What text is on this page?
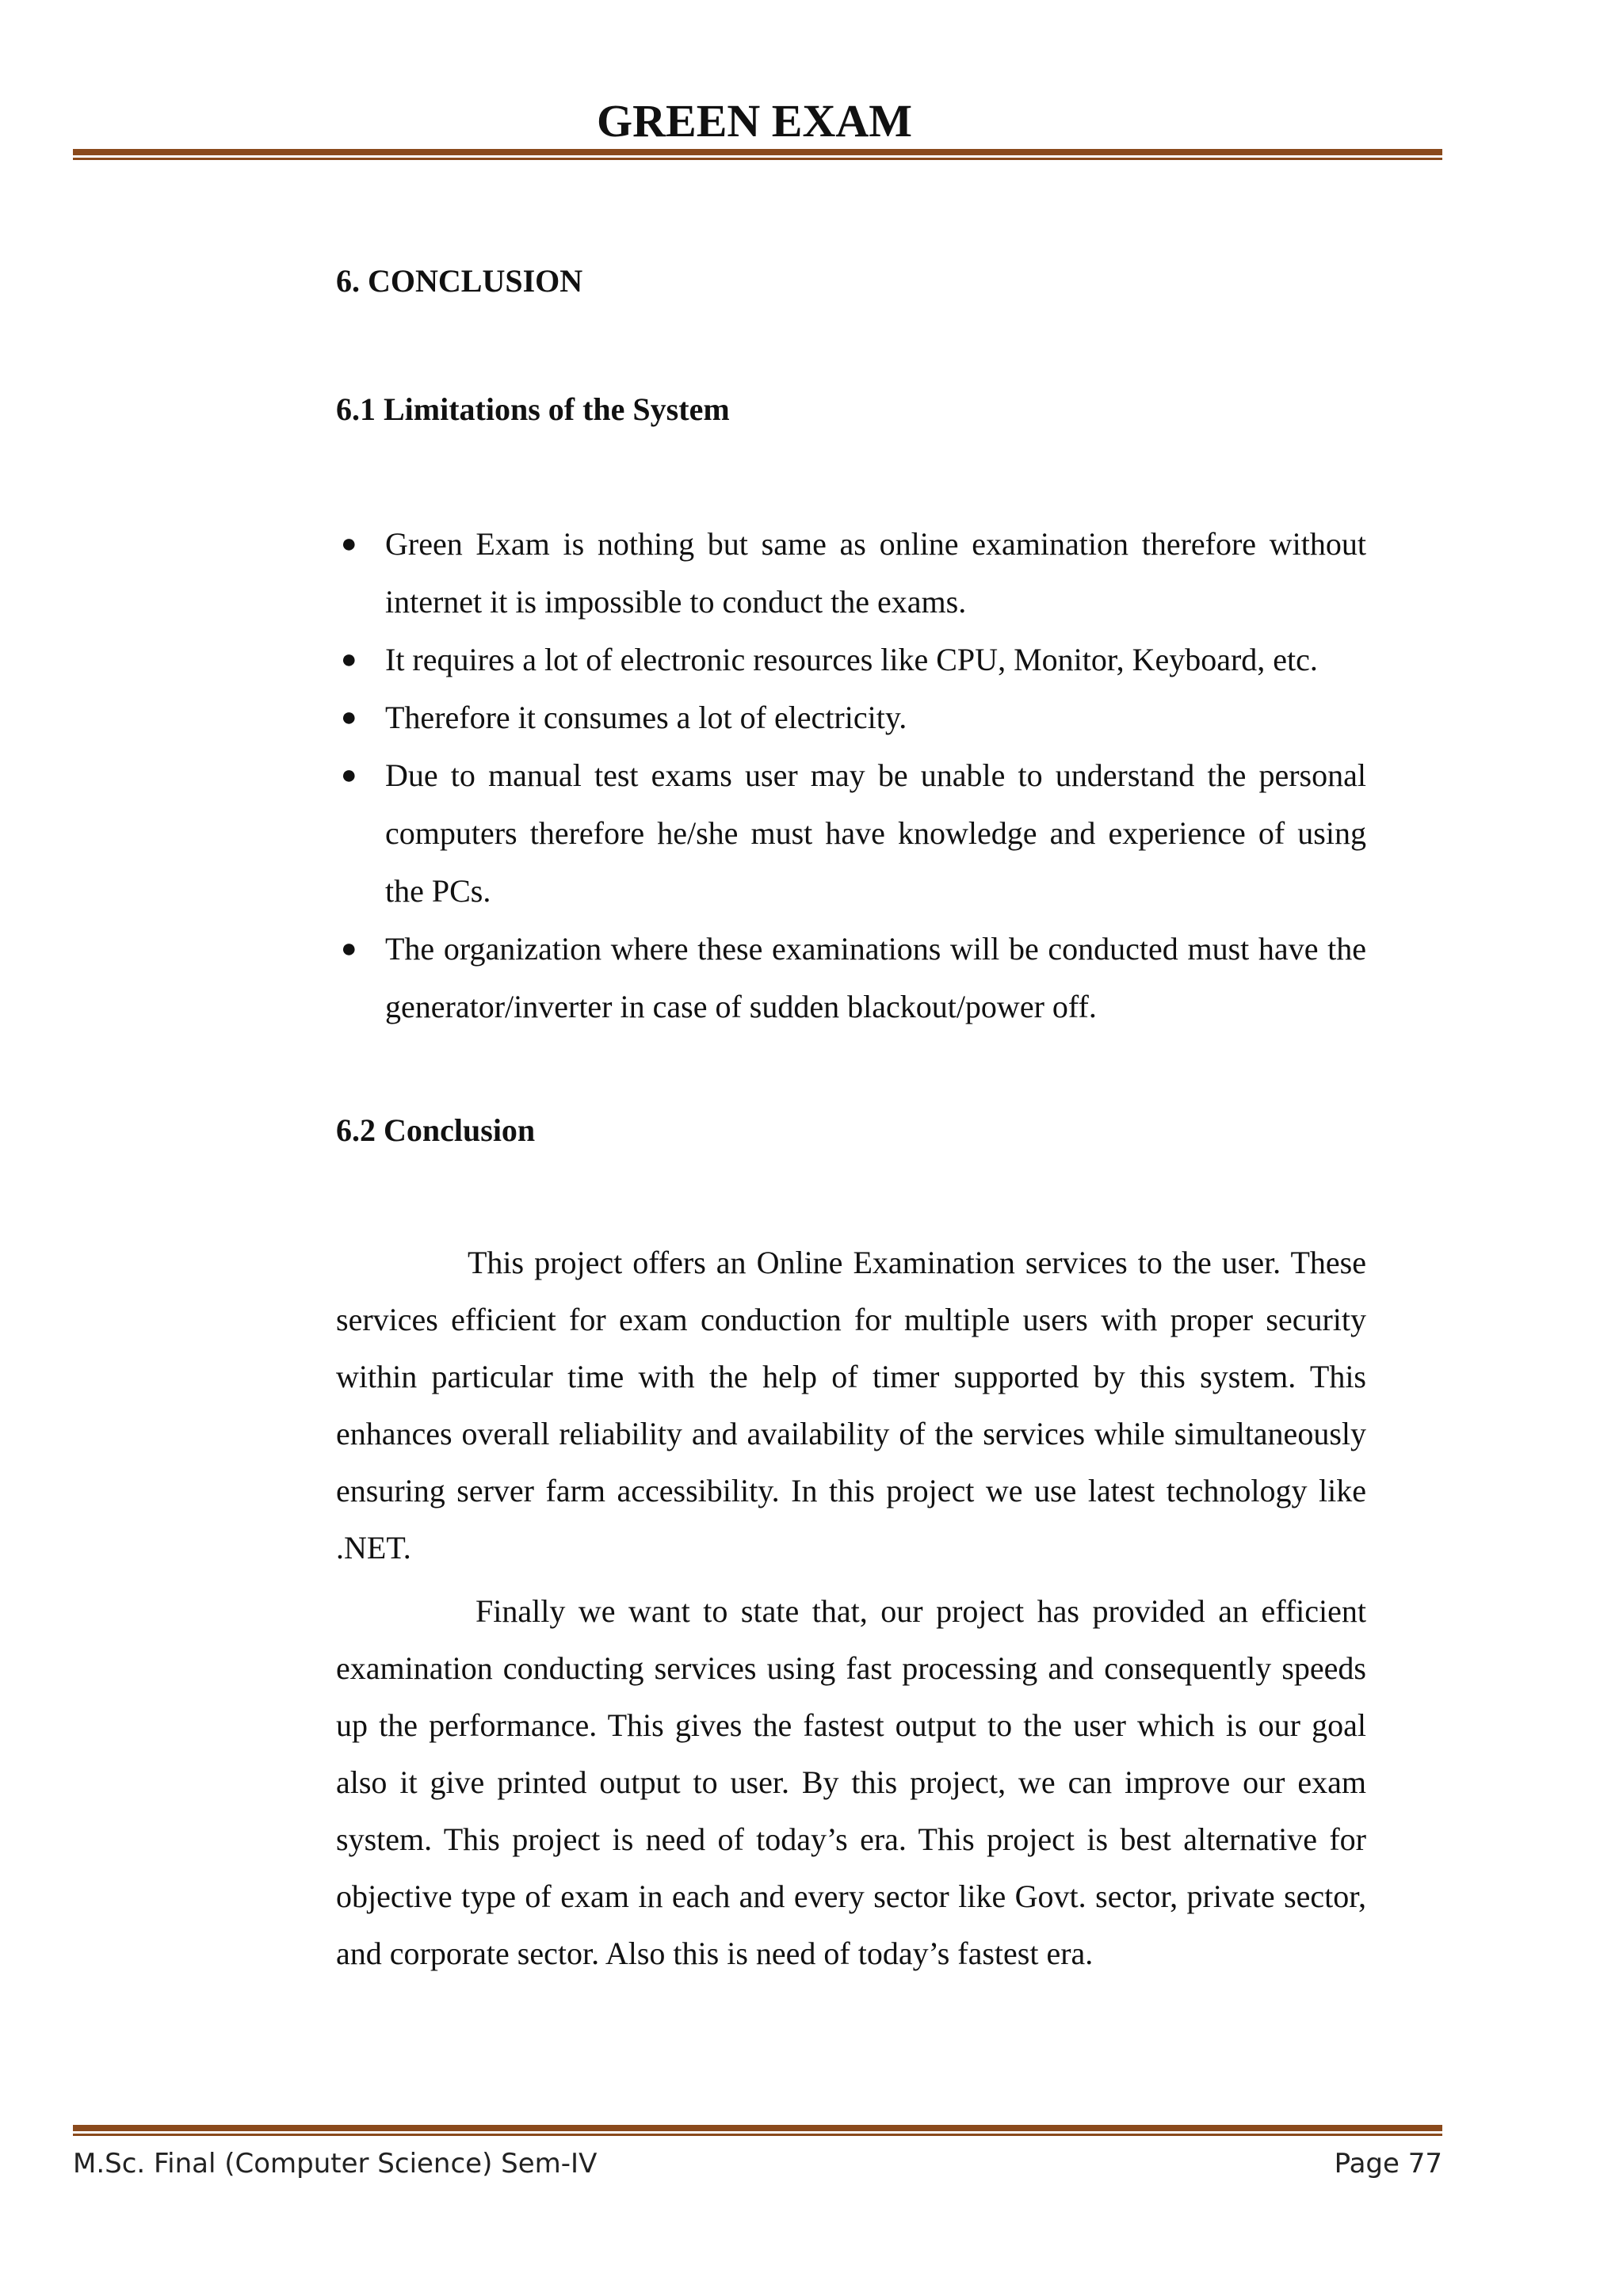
GREEN EXAM
6. CONCLUSION
6.1 Limitations of the System
● Green Exam is nothing but same as online examination therefore without internet it is impossible to conduct the exams.
● It requires a lot of electronic resources like CPU, Monitor, Keyboard, etc.
● Therefore it consumes a lot of electricity.
● Due to manual test exams user may be unable to understand the personal computers therefore he/she must have knowledge and experience of using the PCs.
● The organization where these examinations will be conducted must have the generator/inverter in case of sudden blackout/power off.
6.2 Conclusion

This project offers an Online Examination services to the user. These services efficient for exam conduction for multiple users with proper security within particular time with the help of timer supported by this system. This enhances overall reliability and availability of the services while simultaneously ensuring server farm accessibility. In this project we use latest technology like .NET.

Finally we want to state that, our project has provided an efficient examination conducting services using fast processing and consequently speeds up the performance. This gives the fastest output to the user which is our goal also it give printed output to user. By this project, we can improve our exam system. This project is need of today’s era. This project is best alternative for objective type of exam in each and every sector like Govt. sector, private sector, and corporate sector. Also this is need of today’s fastest era.

M.Sc. Final (Computer Science) Sem-IV	Page 77
